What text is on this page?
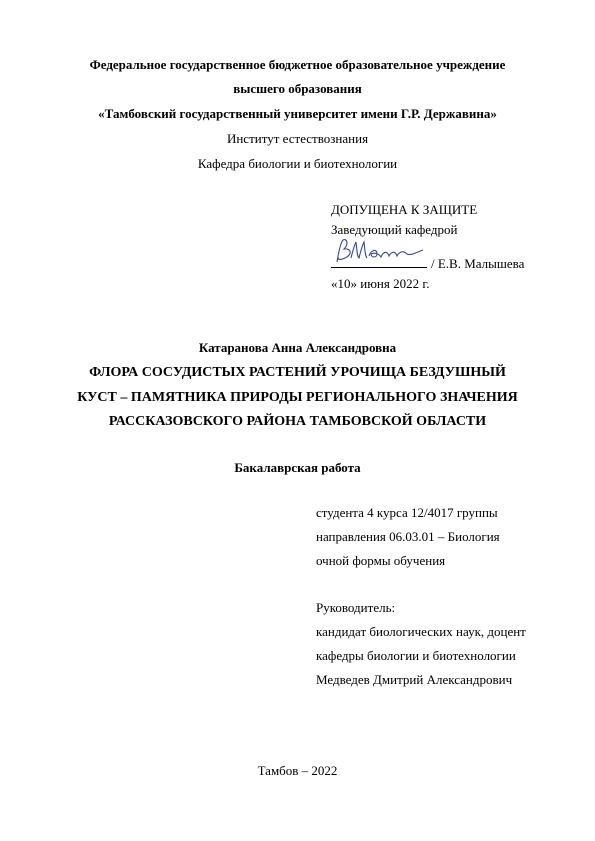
Федеральное государственное бюджетное образовательное учреждение
высшего образования
«Тамбовский государственный университет имени Г.Р. Державина»
Институт естествознания
Кафедра биологии и биотехнологии
ДОПУЩЕНА К ЗАЩИТЕ
Заведующий кафедрой
/ Е.В. Малышева
«10» июня 2022 г.
Катаранова Анна Александровна
ФЛОРА СОСУДИСТЫХ РАСТЕНИЙ УРОЧИЩА БЕЗДУШНЫЙ
КУСТ – ПАМЯТНИКА ПРИРОДЫ РЕГИОНАЛЬНОГО ЗНАЧЕНИЯ
РАССКАЗОВСКОГО РАЙОНА ТАМБОВСКОЙ ОБЛАСТИ
Бакалаврская работа
студента 4 курса 12/4017 группы
направления 06.03.01 – Биология
очной формы обучения
Руководитель:
кандидат биологических наук, доцент
кафедры биологии и биотехнологии
Медведев Дмитрий Александрович
Тамбов – 2022
